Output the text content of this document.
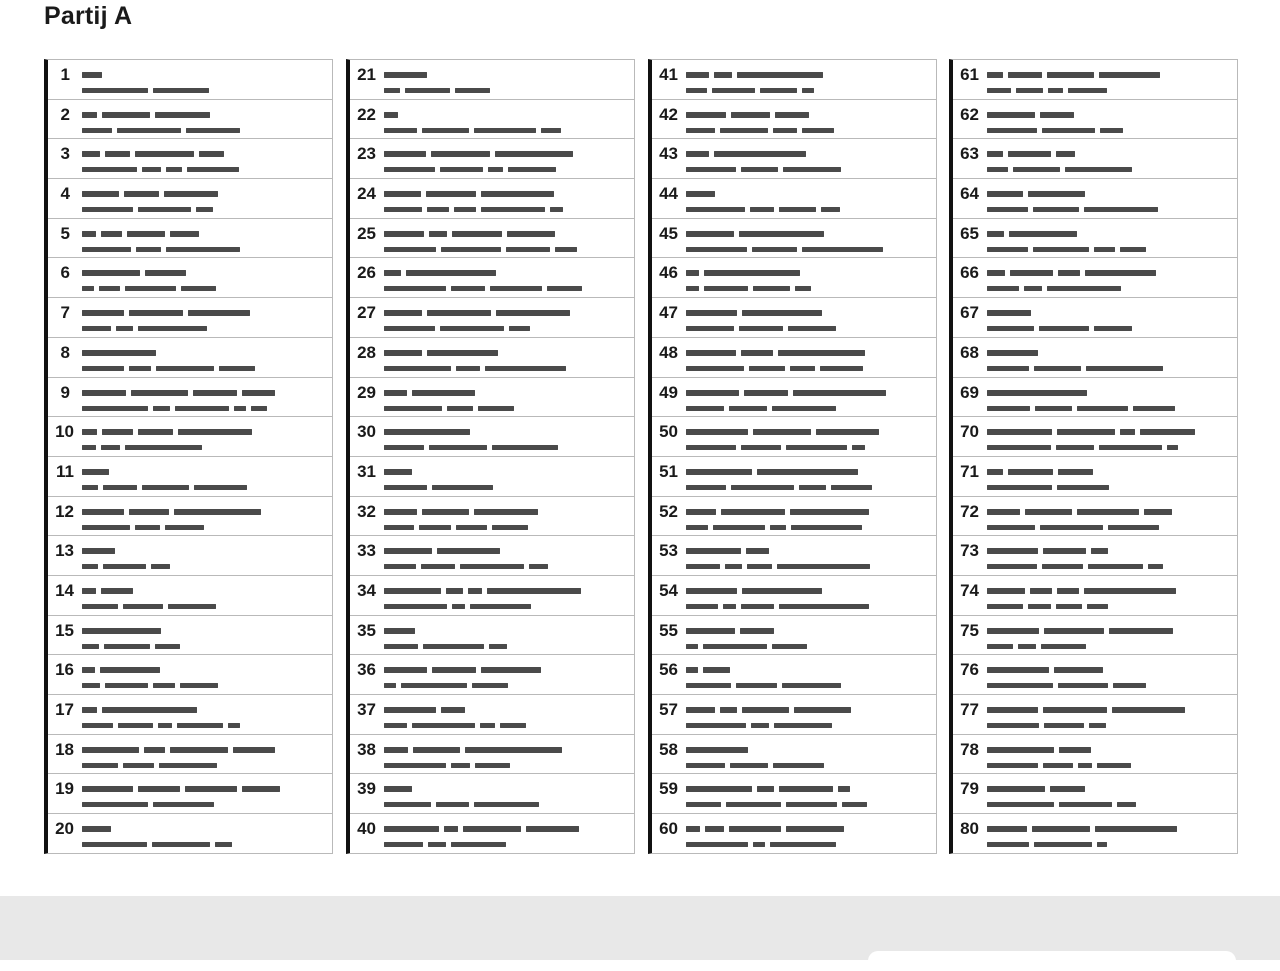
Partij A
1
2
3
4
5
6
7
8
9
10
11
12
13
14
15
16
17
18
19
20
21
22
23
24
25
26
27
28
29
30
31
32
33
34
35
36
37
38
39
40
41
42
43
44
45
46
47
48
49
50
51
52
53
54
55
56
57
58
59
60
61
62
63
64
65
66
67
68
69
70
71
72
73
74
75
76
77
78
79
80
